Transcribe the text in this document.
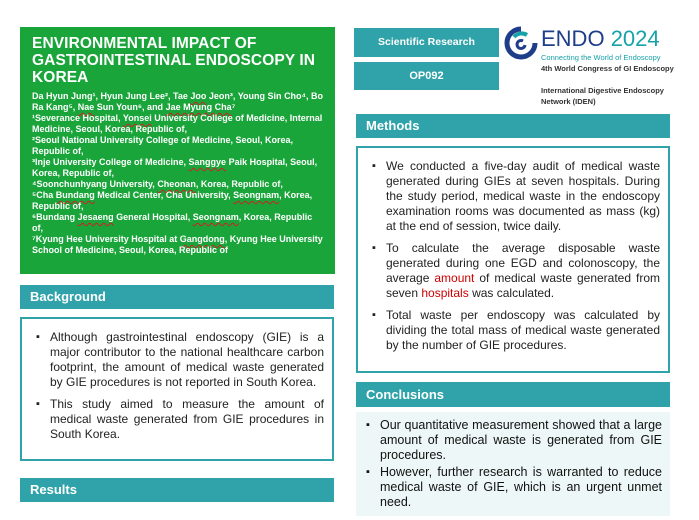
ENVIRONMENTAL IMPACT OF GASTROINTESTINAL ENDOSCOPY IN KOREA
Da Hyun Jung¹, Hyun Jung Lee², Tae Joo Jeon³, Young Sin Cho⁴, Bo Ra Kang⁵, Nae Sun Youn⁶, and Jae Myung Cha⁷
¹Severance Hospital, Yonsei University College of Medicine, Internal Medicine, Seoul, Korea, Republic of,
²Seoul National University College of Medicine, Seoul, Korea, Republic of,
³Inje University College of Medicine, Sanggye Paik Hospital, Seoul, Korea, Republic of,
⁴Soonchunhyang University, Cheonan, Korea, Republic of,
⁵Cha Bundang Medical Center, Cha University, Seongnam, Korea, Republic of,
⁶Bundang Jesaeng General Hospital, Seongnam, Korea, Republic of,
⁷Kyung Hee University Hospital at Gangdong, Kyung Hee University School of Medicine, Seoul, Korea, Republic of
Scientific Research
OP092
ENDO 2024
Connecting the World of Endoscopy
4th World Congress of GI Endoscopy
International Digestive Endoscopy
Network (IDEN)
Background
▪ Although gastrointestinal endoscopy (GIE) is a major contributor to the national healthcare carbon footprint, the amount of medical waste generated by GIE procedures is not reported in South Korea.
▪ This study aimed to measure the amount of medical waste generated from GIE procedures in South Korea.
Results
Methods
▪ We conducted a five-day audit of medical waste generated during GIEs at seven hospitals. During the study period, medical waste in the endoscopy examination rooms was documented as mass (kg) at the end of session, twice daily.
▪ To calculate the average disposable waste generated during one EGD and colonoscopy, the average amount of medical waste generated from seven hospitals was calculated.
▪ Total waste per endoscopy was calculated by dividing the total mass of medical waste generated by the number of GIE procedures.
Conclusions
▪ Our quantitative measurement showed that a large amount of medical waste is generated from GIE procedures.
▪ However, further research is warranted to reduce medical waste of GIE, which is an urgent unmet need.
